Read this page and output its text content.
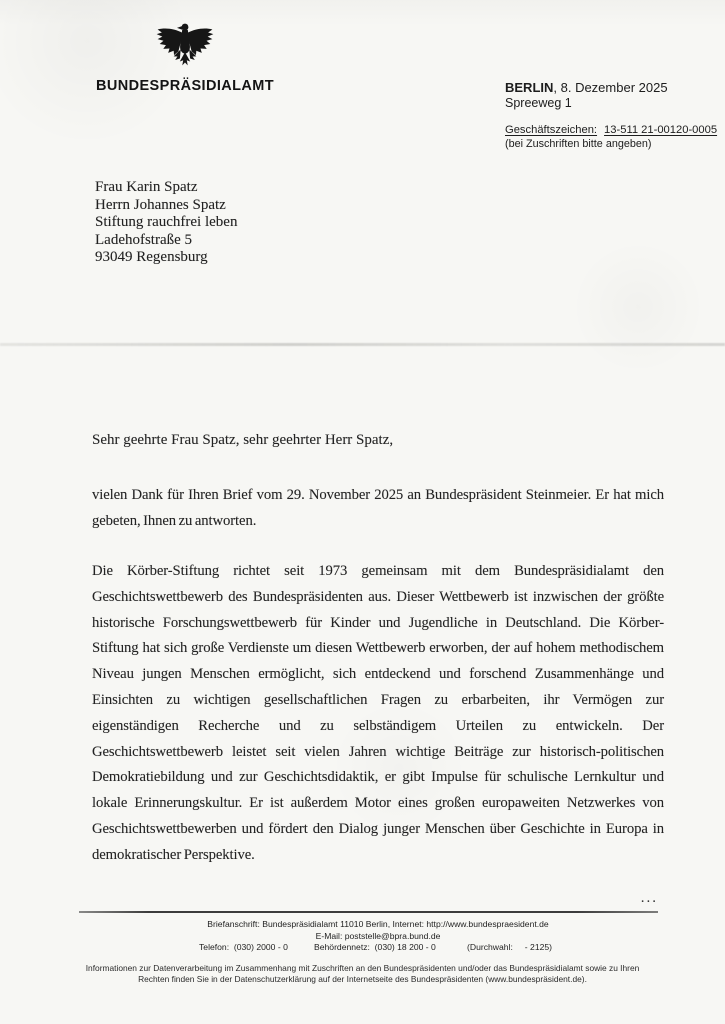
BUNDESPRÄSIDIALAMT	BERLIN, 8. Dezember 2025
Spreeweg 1
Geschäftszeichen: 13-511 21-00120-0005
(bei Zuschriften bitte angeben)
Frau Karin Spatz
Herrn Johannes Spatz
Stiftung rauchfrei leben
Ladehofstraße 5
93049 Regensburg
Sehr geehrte Frau Spatz, sehr geehrter Herr Spatz,
vielen Dank für Ihren Brief vom 29. November 2025 an Bundespräsident Steinmeier. Er hat mich
gebeten, Ihnen zu antworten.
Die Körber-Stiftung richtet seit 1973 gemeinsam mit dem Bundespräsidialamt den
Geschichtswettbewerb des Bundespräsidenten aus. Dieser Wettbewerb ist inzwischen der größte
historische Forschungswettbewerb für Kinder und Jugendliche in Deutschland. Die Körber-
Stiftung hat sich große Verdienste um diesen Wettbewerb erworben, der auf hohem methodischem
Niveau jungen Menschen ermöglicht, sich entdeckend und forschend Zusammenhänge und
Einsichten zu wichtigen gesellschaftlichen Fragen zu erbarbeiten, ihr Vermögen zur
eigenständigen Recherche und zu selbständigem Urteilen zu entwickeln. Der
Geschichtswettbewerb leistet seit vielen Jahren wichtige Beiträge zur historisch-politischen
Demokratiebildung und zur Geschichtsdidaktik, er gibt Impulse für schulische Lernkultur und
lokale Erinnerungskultur. Er ist außerdem Motor eines großen europaweiten Netzwerkes von
Geschichtswettbewerben und fördert den Dialog junger Menschen über Geschichte in Europa in
demokratischer Perspektive.
...
Briefanschrift: Bundespräsidialamt 11010 Berlin, Internet: http://www.bundespraesident.de
E-Mail: poststelle@bpra.bund.de
Telefon:  (030) 2000 - 0	Behördennetz:  (030) 18 200 - 0	(Durchwahl:     - 2125)
Informationen zur Datenverarbeitung im Zusammenhang mit Zuschriften an den Bundespräsidenten und/oder das Bundespräsidialamt sowie zu Ihren
Rechten finden Sie in der Datenschutzerklärung auf der Internetseite des Bundespräsidenten (www.bundespräsident.de).
